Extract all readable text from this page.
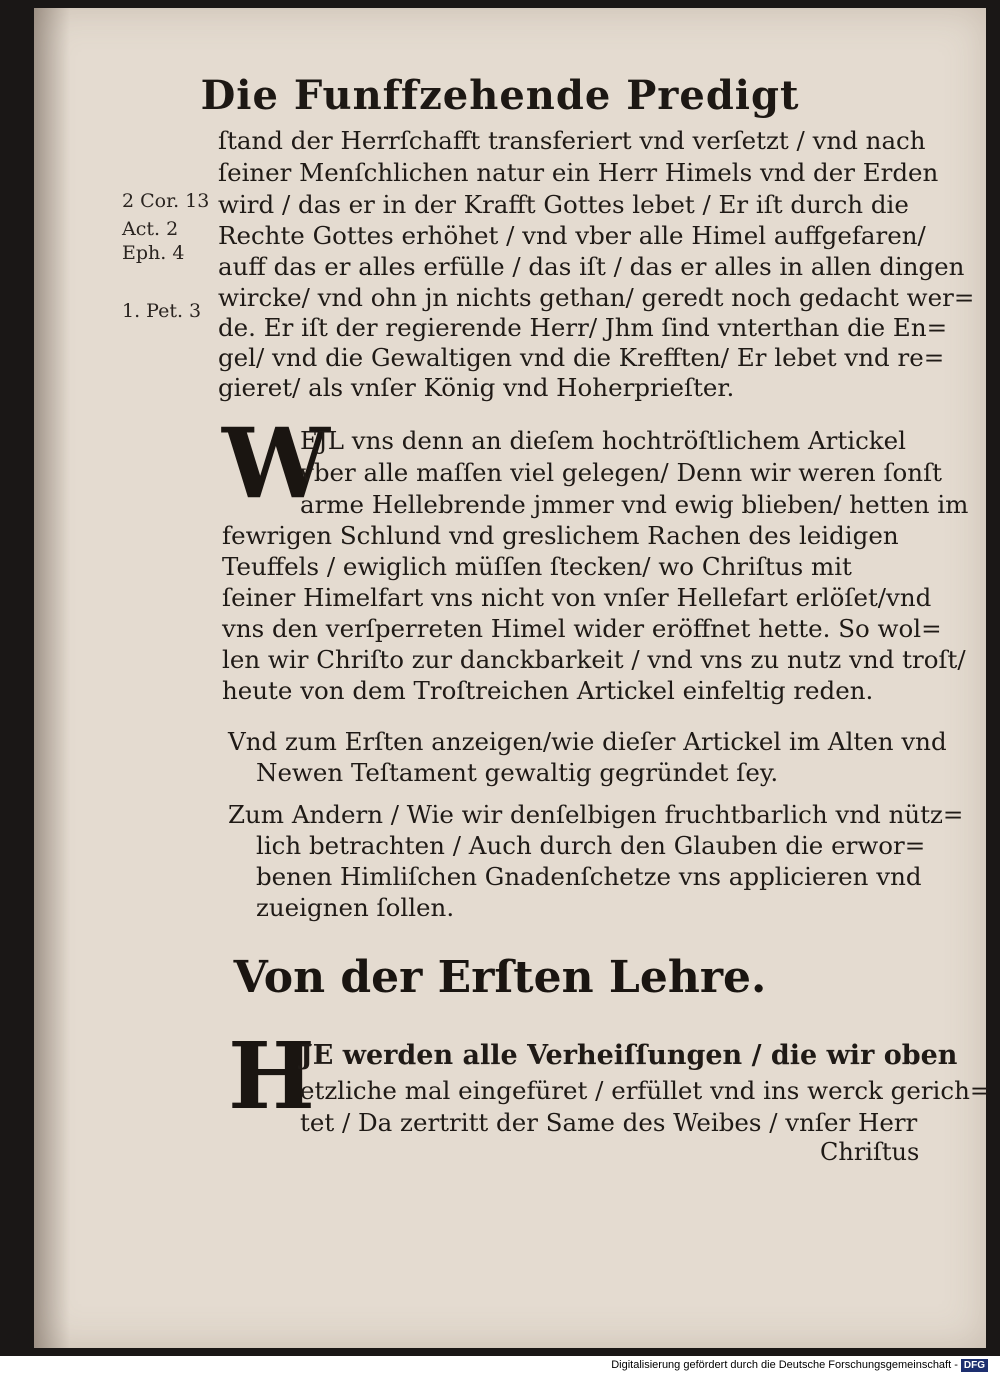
Die Funffzehende Predigt
2 Cor. 13
Act. 2
Eph. 4
1. Pet. 3
ſtand der Herrſchafft transferiert vnd verſetzt / vnd nach
ſeiner Menſchlichen natur ein Herr Himels vnd der Erden
wird / das er in der Krafft Gottes lebet / Er iſt durch die
Rechte Gottes erhöhet / vnd vber alle Himel auffgefaren/
auff das er alles erfülle / das iſt / das er alles in allen dingen
wircke/ vnd ohn jn nichts gethan/ geredt noch gedacht wer=
de. Er iſt der regierende Herr/ Jhm ſind vnterthan die En=
gel/ vnd die Gewaltigen vnd die Krefften/ Er lebet vnd re=
gieret/ als vnſer König vnd Hoherprieſter.
W
EJL vns denn an dieſem hochtröſtlichem Artickel
vber alle maſſen viel gelegen/ Denn wir weren ſonſt
arme Hellebrende jmmer vnd ewig blieben/ hetten im
fewrigen Schlund vnd greslichem Rachen des leidigen
Teuffels / ewiglich müſſen ſtecken/ wo Chriſtus mit
ſeiner Himelfart vns nicht von vnſer Hellefart erlöſet/vnd
vns den verſperreten Himel wider eröffnet hette. So wol=
len wir Chriſto zur danckbarkeit / vnd vns zu nutz vnd troſt/
heute von dem Troſtreichen Artickel einfeltig reden.
Vnd zum Erſten anzeigen/wie dieſer Artickel im Alten vnd
Newen Teſtament gewaltig gegründet ſey.
Zum Andern / Wie wir denſelbigen fruchtbarlich vnd nütz=
lich betrachten / Auch durch den Glauben die erwor=
benen Himliſchen Gnadenſchetze vns applicieren vnd
zueignen ſollen.
Von der Erſten Lehre.
H
JE werden alle Verheiſſungen / die wir oben
etzliche mal eingefüret / erfüllet vnd ins werck gerich=
tet / Da zertritt der Same des Weibes / vnſer Herr
Chriſtus
Digitalisierung gefördert durch die Deutsche Forschungsgemeinschaft - DFG
